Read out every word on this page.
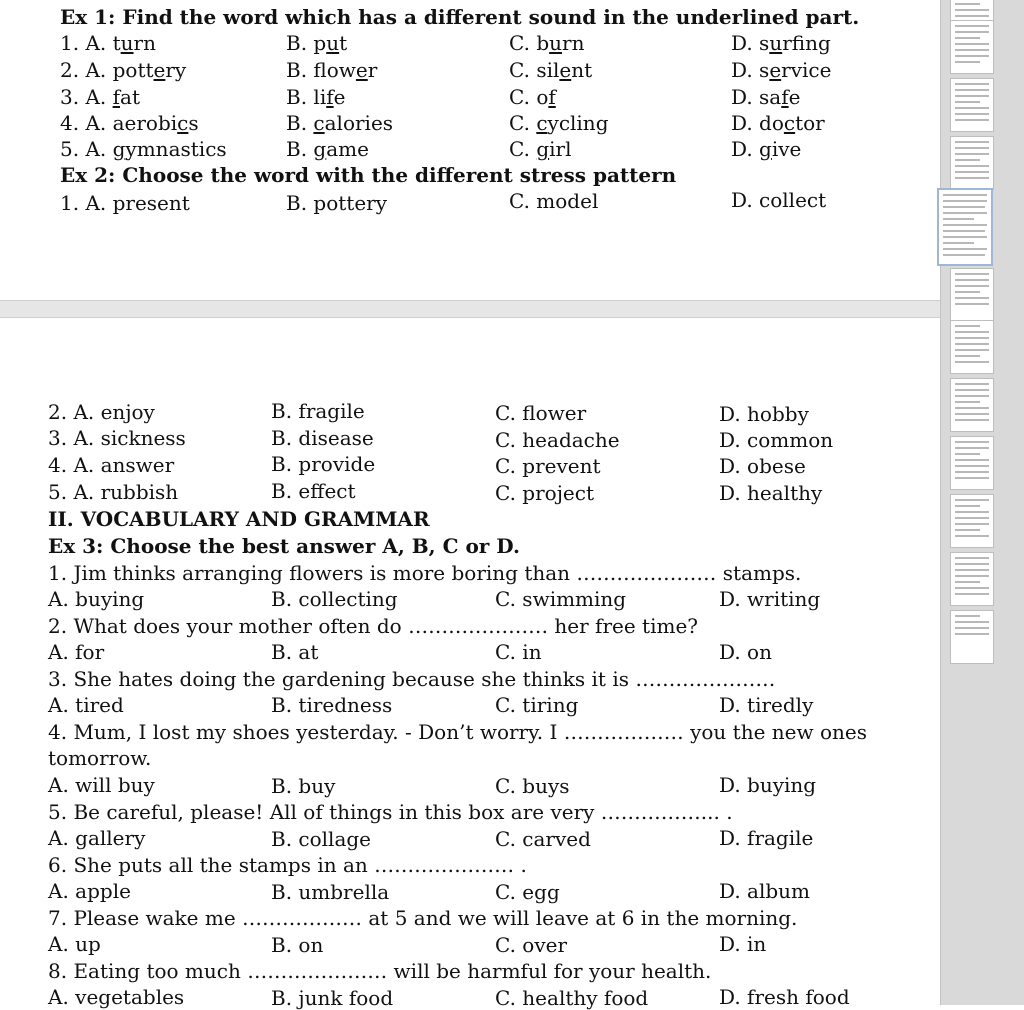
Ex 1: Find the word which has a different sound in the underlined part.
1. A. turn	B. put	C. burn	D. surfing
2. A. pottery	B. flower	C. silent	D. service
3. A. fat	B. life	C. of	D. safe
4. A. aerobics	B. calories	C. cycling	D. doctor
5. A. gymnastics	B. game	C. girl	D. give
Ex 2: Choose the word with the different stress pattern
1. A. present	B. pottery	C. model	D. collect
2. A. enjoy	B. fragile	C. flower	D. hobby
3. A. sickness	B. disease	C. headache	D. common
4. A. answer	B. provide	C. prevent	D. obese
5. A. rubbish	B. effect	C. project	D. healthy
II. VOCABULARY AND GRAMMAR
Ex 3: Choose the best answer A, B, C or D.
1. Jim thinks arranging flowers is more boring than ………………… stamps.
A. buying	B. collecting	C. swimming	D. writing
2. What does your mother often do ………………… her free time?
A. for	B. at	C. in	D. on
3. She hates doing the gardening because she thinks it is …………………
A. tired	B. tiredness	C. tiring	D. tiredly
4. Mum, I lost my shoes yesterday. - Don’t worry. I ……………… you the new ones
tomorrow.
A. will buy	B. buy	C. buys	D. buying
5. Be careful, please! All of things in this box are very ……………... .
A. gallery	B. collage	C. carved	D. fragile
6. She puts all the stamps in an ………………… .
A. apple	B. umbrella	C. egg	D. album
7. Please wake me ……………… at 5 and we will leave at 6 in the morning.
A. up	B. on	C. over	D. in
8. Eating too much ………………… will be harmful for your health.
A. vegetables	B. junk food	C. healthy food	D. fresh food
